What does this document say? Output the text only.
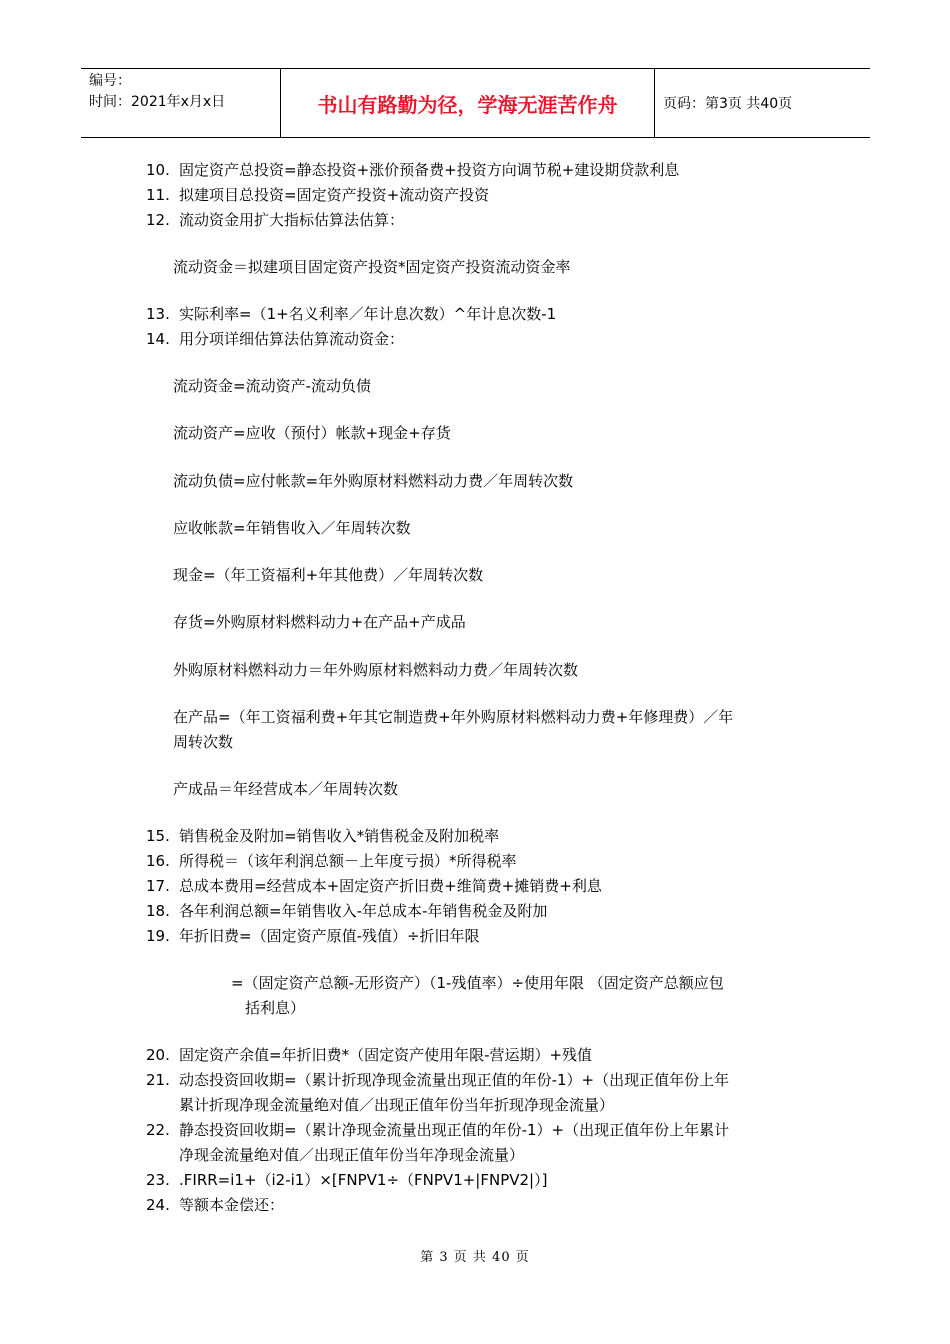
编号：
时间：2021年x月x日	书山有路勤为径，学海无涯苦作舟	页码：第3页 共40页
10. 固定资产总投资=静态投资+涨价预备费+投资方向调节税+建设期贷款利息
11. 拟建项目总投资=固定资产投资+流动资产投资
12. 流动资金用扩大指标估算法估算：
流动资金＝拟建项目固定资产投资*固定资产投资流动资金率
13. 实际利率=（1+名义利率／年计息次数）^年计息次数-1
14. 用分项详细估算法估算流动资金：
流动资金=流动资产-流动负债
流动资产=应收（预付）帐款+现金+存货
流动负债=应付帐款=年外购原材料燃料动力费／年周转次数
应收帐款=年销售收入／年周转次数
现金=（年工资福利+年其他费）／年周转次数
存货=外购原材料燃料动力+在产品+产成品
外购原材料燃料动力＝年外购原材料燃料动力费／年周转次数
在产品=（年工资福利费+年其它制造费+年外购原材料燃料动力费+年修理费）／年
周转次数
产成品＝年经营成本／年周转次数
15. 销售税金及附加=销售收入*销售税金及附加税率
16. 所得税＝（该年利润总额－上年度亏损）*所得税率
17. 总成本费用=经营成本+固定资产折旧费+维简费+摊销费+利息
18. 各年利润总额=年销售收入-年总成本-年销售税金及附加
19. 年折旧费=（固定资产原值-残值）÷折旧年限
=（固定资产总额-无形资产）（1-残值率）÷使用年限 （固定资产总额应包
括利息）
20. 固定资产余值=年折旧费*（固定资产使用年限-营运期）+残值
21. 动态投资回收期=（累计折现净现金流量出现正值的年份-1）+（出现正值年份上年
累计折现净现金流量绝对值／出现正值年份当年折现净现金流量）
22. 静态投资回收期=（累计净现金流量出现正值的年份-1）+（出现正值年份上年累计
净现金流量绝对值／出现正值年份当年净现金流量）
23. .FIRR=i1+（i2-i1）×[FNPV1÷（FNPV1+|FNPV2|）]
24. 等额本金偿还：
第 3 页 共 40 页
